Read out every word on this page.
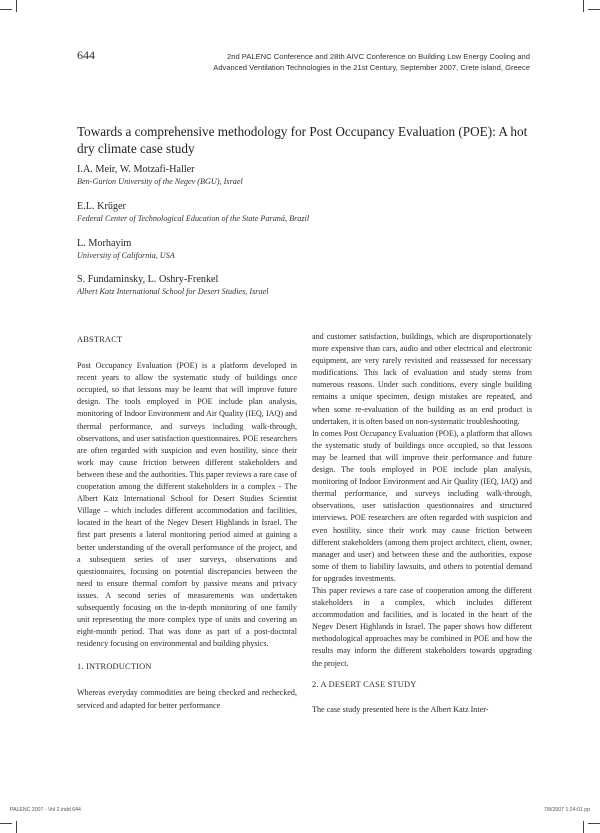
644	2nd PALENC Conference and 28th AIVC Conference on Building Low Energy Cooling and
Advanced Ventilation Technologies in the 21st Century, September 2007, Crete island, Greece
Towards a comprehensive methodology for Post Occupancy Evaluation (POE): A hot dry climate case study
I.A. Meir, W. Motzafi-Haller
Ben-Gurion University of the Negev (BGU), Israel
E.L. Krüger
Federal Center of Technological Education of the State Paraná, Brazil
L. Morhayim
University of California, USA
S. Fundaminsky, L. Oshry-Frenkel
Albert Katz International School for Desert Studies, Israel
ABSTRACT

Post Occupancy Evaluation (POE) is a platform developed in recent years to allow the systematic study of buildings once occupied, so that lessons may be learnt that will improve future design. The tools employed in POE include plan analysis, monitoring of Indoor Environment and Air Quality (IEQ, IAQ) and thermal performance, and surveys including walk-through, observations, and user satisfaction questionnaires. POE researchers are often regarded with suspicion and even hostility, since their work may cause friction between different stakeholders and between these and the authorities. This paper reviews a rare case of cooperation among the different stakeholders in a complex - The Albert Katz International School for Desert Studies Scientist Village – which includes different accommodation and facilities, located in the heart of the Negev Desert Highlands in Israel. The first part presents a lateral monitoring period aimed at gaining a better understanding of the overall performance of the project, and a subsequent series of user surveys, observations and questionnaires, focusing on potential discrepancies between the need to ensure thermal comfort by passive means and privacy issues. A second series of measurements was undertaken subsequently focusing on the in-depth monitoring of one family unit representing the more complex type of units and covering an eight-month period. That was done as part of a post-doctoral residency focusing on environmental and building physics.

1. INTRODUCTION

Whereas everyday commodities are being checked and rechecked, serviced and adapted for better performance

and customer satisfaction, buildings, which are disproportionately more expensive than cars, audio and other electrical and electronic equipment, are very rarely revisited and reassessed for necessary modifications. This lack of evaluation and study stems from numerous reasons. Under such conditions, every single building remains a unique specimen, design mistakes are repeated, and when some re-evaluation of the building as an end product is undertaken, it is often based on non-systematic troubleshooting.

In comes Post Occupancy Evaluation (POE), a platform that allows the systematic study of buildings once occupied, so that lessons may be learned that will improve their performance and future design. The tools employed in POE include plan analysis, monitoring of Indoor Environment and Air Quality (IEQ, IAQ) and thermal performance, and surveys including walk-through, observations, user satisfaction questionnaires and structured interviews. POE researchers are often regarded with suspicion and even hostility, since their work may cause friction between different stakeholders (among them project architect, client, owner, manager and user) and between these and the authorities, expose some of them to liability lawsuits, and others to potential demand for upgrades investments.

This paper reviews a rare case of cooperation among the different stakeholders in a complex, which includes different accommodation and facilities, and is located in the heart of the Negev Desert Highlands in Israel. The paper shows how different methodological approaches may be combined in POE and how the results may inform the different stakeholders towards upgrading the project.

2. A DESERT CASE STUDY

The case study presented here is the Albert Katz Inter-

PALENC 2007 - Vol 2.indd 644	7/8/2007 1:24:01 pp
